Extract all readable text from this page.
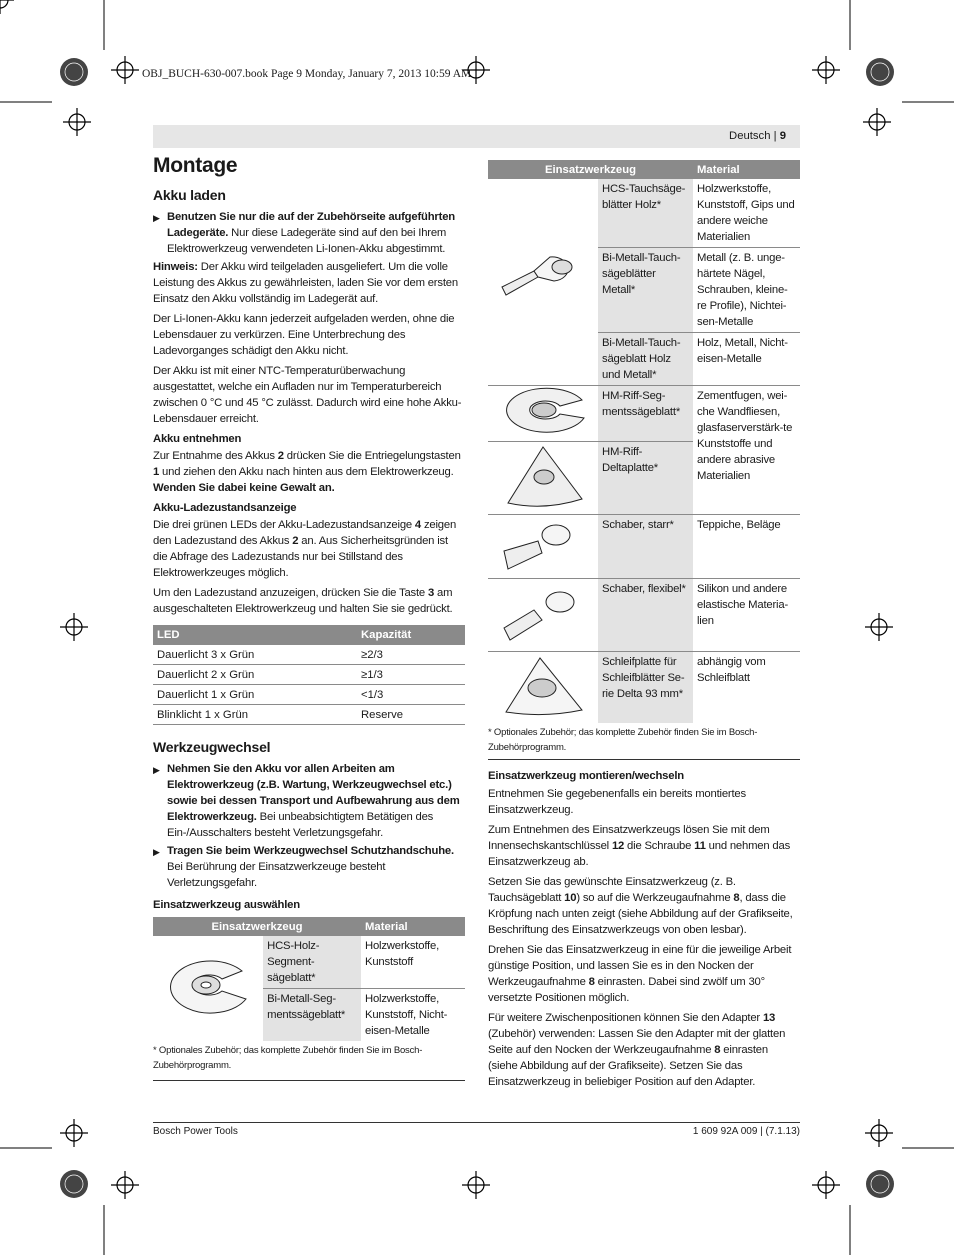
OBJ_BUCH-630-007.book Page 9 Monday, January 7, 2013 10:59 AM
Deutsch | 9
Montage
Akku laden
▶ Benutzen Sie nur die auf der Zubehörseite aufgeführten Ladegeräte. Nur diese Ladegeräte sind auf den bei Ihrem Elektrowerkzeug verwendeten Li-Ionen-Akku abgestimmt.

Hinweis: Der Akku wird teilgeladen ausgeliefert. Um die volle Leistung des Akkus zu gewährleisten, laden Sie vor dem ersten Einsatz den Akku vollständig im Ladegerät auf.

Der Li-Ionen-Akku kann jederzeit aufgeladen werden, ohne die Lebensdauer zu verkürzen. Eine Unterbrechung des Ladevorganges schädigt den Akku nicht.

Der Akku ist mit einer NTC-Temperaturüberwachung ausgestattet, welche ein Aufladen nur im Temperaturbereich zwischen 0 °C und 45 °C zulässt. Dadurch wird eine hohe Akku-Lebensdauer erreicht.

Akku entnehmen

Zur Entnahme des Akkus 2 drücken Sie die Entriegelungstasten 1 und ziehen den Akku nach hinten aus dem Elektrowerkzeug. Wenden Sie dabei keine Gewalt an.

Akku-Ladezustandsanzeige

Die drei grünen LEDs der Akku-Ladezustandsanzeige 4 zeigen den Ladezustand des Akkus 2 an. Aus Sicherheitsgründen ist die Abfrage des Ladezustands nur bei Stillstand des Elektrowerkzeuges möglich.

Um den Ladezustand anzuzeigen, drücken Sie die Taste 3 am ausgeschalteten Elektrowerkzeug und halten Sie sie gedrückt.

LED	Kapazität
Dauerlicht 3 x Grün	≥2/3
Dauerlicht 2 x Grün	≥1/3
Dauerlicht 1 x Grün	<1/3
Blinklicht 1 x Grün	Reserve
Werkzeugwechsel
▶ Nehmen Sie den Akku vor allen Arbeiten am Elektrowerkzeug (z.B. Wartung, Werkzeugwechsel etc.) sowie bei dessen Transport und Aufbewahrung aus dem Elektrowerkzeug. Bei unbeabsichtigtem Betätigen des Ein-/Ausschalters besteht Verletzungsgefahr.
▶ Tragen Sie beim Werkzeugwechsel Schutzhandschuhe. Bei Berührung der Einsatzwerkzeuge besteht Verletzungsgefahr.
Einsatzwerkzeug auswählen
Einsatzwerkzeug		Material
	HCS-Holz-Segment-sägeblatt*	Holzwerkstoffe, Kunststoff
	Bi-Metall-Seg-mentssägeblatt*	Holzwerkstoffe, Kunststoff, Nicht-eisen-Metalle
* Optionales Zubehör; das komplette Zubehör finden Sie im Bosch-Zubehörprogramm.
Einsatzwerkzeug		Material
	HCS-Tauchsäge-blätter Holz*	Holzwerkstoffe, Kunststoff, Gips und andere weiche Materialien
	Bi-Metall-Tauch-sägeblätter Metall*	Metall (z. B. unge-härtete Nägel, Schrauben, kleine-re Profile), Nichtei-sen-Metalle
	Bi-Metall-Tauch-sägeblatt Holz und Metall*	Holz, Metall, Nicht-eisen-Metalle
	HM-Riff-Seg-mentssägeblatt*	Zementfugen, wei-che Wandfliesen, glasfaserverstärk-te Kunststoffe und andere abrasive Materialien
	HM-Riff-Deltaplatte*	
	Schaber, starr*	Teppiche, Beläge
	Schaber, flexibel*	Silikon und andere elastische Materia-lien
	Schleifplatte für Schleifblätter Se-rie Delta 93 mm*	abhängig vom Schleifblatt
* Optionales Zubehör; das komplette Zubehör finden Sie im Bosch-Zubehörprogramm.
Einsatzwerkzeug montieren/wechseln

Entnehmen Sie gegebenenfalls ein bereits montiertes Einsatzwerkzeug.

Zum Entnehmen des Einsatzwerkzeugs lösen Sie mit dem Innensechskantschlüssel 12 die Schraube 11 und nehmen das Einsatzwerkzeug ab.

Setzen Sie das gewünschte Einsatzwerkzeug (z. B. Tauchsägeblatt 10) so auf die Werkzeugaufnahme 8, dass die Kröpfung nach unten zeigt (siehe Abbildung auf der Grafikseite, Beschriftung des Einsatzwerkzeugs von oben lesbar).

Drehen Sie das Einsatzwerkzeug in eine für die jeweilige Arbeit günstige Position, und lassen Sie es in den Nocken der Werkzeugaufnahme 8 einrasten. Dabei sind zwölf um 30° versetzte Positionen möglich.

Für weitere Zwischenpositionen können Sie den Adapter 13 (Zubehör) verwenden: Lassen Sie den Adapter mit der glatten Seite auf den Nocken der Werkzeugaufnahme 8 einrasten (siehe Abbildung auf der Grafikseite). Setzen Sie das Einsatzwerkzeug in beliebiger Position auf den Adapter.

Bosch Power Tools	1 609 92A 009 | (7.1.13)
